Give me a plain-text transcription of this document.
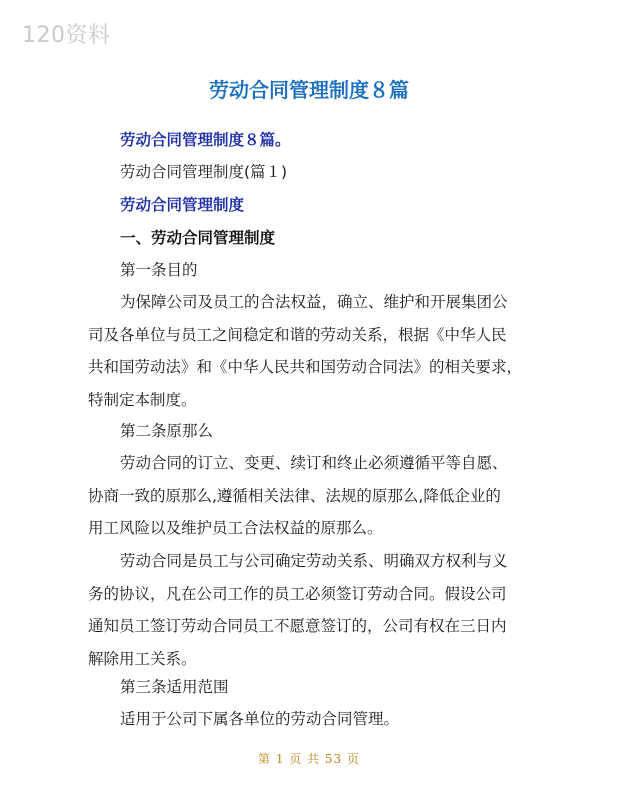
120资料
劳动合同管理制度８篇
劳动合同管理制度８篇。
劳动合同管理制度(篇１)
劳动合同管理制度
一、劳动合同管理制度
第一条目的
为保障公司及员工的合法权益，确立、维护和开展集团公
司及各单位与员工之间稳定和谐的劳动关系，根据《中华人民
共和国劳动法》和《中华人民共和国劳动合同法》的相关要求，
特制定本制度。
第二条原那么
劳动合同的订立、变更、续订和终止必须遵循平等自愿、
协商一致的原那么,遵循相关法律、法规的原那么,降低企业的
用工风险以及维护员工合法权益的原那么。
劳动合同是员工与公司确定劳动关系、明确双方权利与义
务的协议，凡在公司工作的员工必须签订劳动合同。假设公司
通知员工签订劳动合同员工不愿意签订的，公司有权在三日内
解除用工关系。
第三条适用范围
适用于公司下属各单位的劳动合同管理。
第 1 页 共 53 页
